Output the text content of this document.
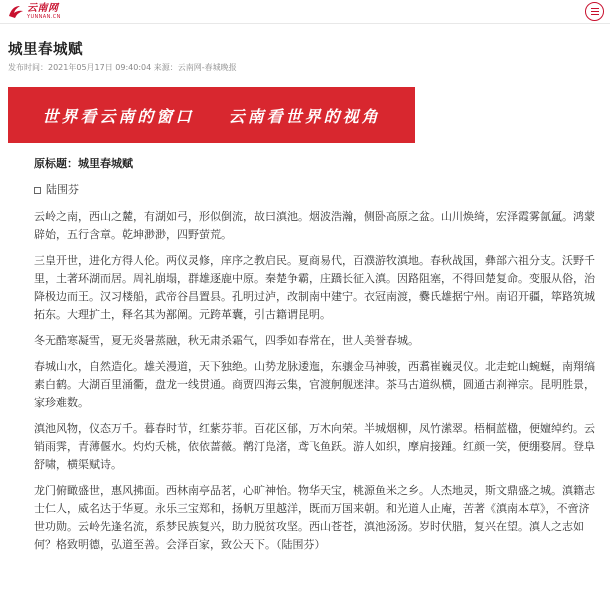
云南网
YUNNAN.CN
城里春城赋
发布时间：2021年05月17日 09:40:04 来源：云南网-春城晚报
世界看云南的窗口    云南看世界的视角
原标题：城里春城赋
陆围芬

云岭之南，西山之麓，有湖如弓，形似倒流，故曰滇池。烟波浩瀚，侧卧高原之盆。山川焕绮，宏泽霞雾氤氲。鸿蒙辟始，五行含章。乾坤渺渺，四野萤荒。

三皇开世，进化方得人伦。两仪灵修，庠序之教启民。夏商易代，百濮游牧滇地。春秋战国，彝部六祖分支。沃野千里，土著环湖而居。周礼崩塌，群雄逐鹿中原。秦楚争霸，庄蹻长征入滇。因路阻塞，不得回楚复命。变服从俗，治降极边而王。汉习楼船，武帝谷昌置县。孔明过泸，改制南中建宁。衣冠南渡，爨氏雄据宁州。南诏开疆，筚路筑城拓东。大理扩土，释名其为鄯阐。元跨革囊，引古籍谓昆明。

冬无酷寒凝雪，夏无炎暑蒸融，秋无肃杀霜气，四季如春常在，世人美誉春城。

春城山水，自然造化。雄关漫道，天下独绝。山势龙脉逶迤，东骧金马神骏，西翥崔巍灵仪。北走蛇山蜿蜒，南翔缟素白鹤。大湖百里涌衢，盘龙一线贯通。商贾四海云集，官渡舸舰迷津。茶马古道纵横，圆通古刹禅宗。昆明胜景，家珍难数。

滇池风物，仪态万千。暮春时节，红紫芬菲。百花区郁，万木向荣。半城烟柳，凤竹潆翠。梧桐蓝楹，便嬗绰约。云销雨霁，青薄偃水。灼灼夭桃，依依蔷薇。鹡汀凫渚，鸢飞鱼跃。游人如织，摩肩接踵。红颜一笑，便绷婺屑。登阜舒啸，横渠赋诗。

龙门俯瞰盛世，惠风拂面。西林南亭品茗，心旷神怡。物华天宝，桃源鱼米之乡。人杰地灵，斯文鼎盛之城。滇籍志士仁人，威名达于华夏。永乐三宝郑和，扬帆万里越洋，既而万国来朝。和光道人止庵，苦著《滇南本草》，不啻济世功勋。云岭先逢名流，系梦民族复兴，助力脱贫攻坚。西山苍苍，滇池汤汤。岁时伏腊，复兴在望。滇人之志如何？格致明德，弘道至善。会泽百家，致公天下。（陆围芬）
